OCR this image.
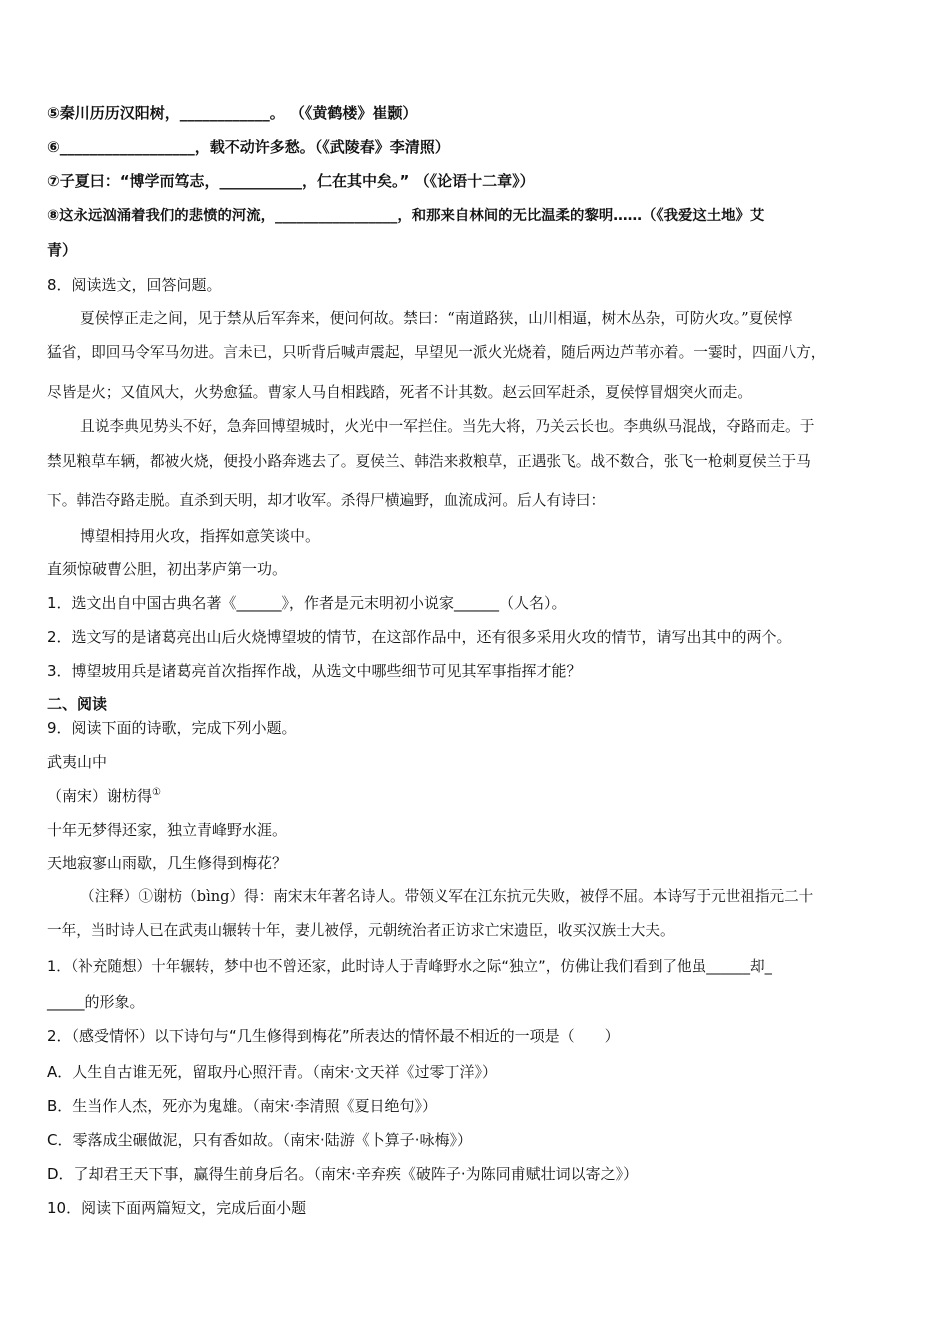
⑤秦川历历汉阳树，____________。 （《黄鹤楼》崔颢）
⑥__________________，载不动许多愁。（《武陵春》李清照）
⑦子夏曰：“博学而笃志，___________，仁在其中矣。” （《论语十二章》）
⑧这永远汹涌着我们的悲愤的河流，_________________，和那来自林间的无比温柔的黎明……（《我爱这土地》艾
青）
8．阅读选文，回答问题。
夏侯惇正走之间，见于禁从后军奔来，便问何故。禁曰：“南道路狭，山川相逼，树木丛杂，可防火攻。”夏侯惇
猛省，即回马令军马勿进。言未已，只听背后喊声震起，早望见一派火光烧着，随后两边芦苇亦着。一霎时，四面八方，
尽皆是火；又值风大，火势愈猛。曹家人马自相践踏，死者不计其数。赵云回军赶杀，夏侯惇冒烟突火而走。
且说李典见势头不好，急奔回博望城时，火光中一军拦住。当先大将，乃关云长也。李典纵马混战，夺路而走。于
禁见粮草车辆，都被火烧，便投小路奔逃去了。夏侯兰、韩浩来救粮草，正遇张飞。战不数合，张飞一枪刺夏侯兰于马
下。韩浩夺路走脱。直杀到天明，却才收军。杀得尸横遍野，血流成河。后人有诗曰：
博望相持用火攻，指挥如意笑谈中。
直须惊破曹公胆，初出茅庐第一功。
1．选文出自中国古典名著《______》，作者是元末明初小说家______（人名）。
2．选文写的是诸葛亮出山后火烧博望坡的情节，在这部作品中，还有很多采用火攻的情节，请写出其中的两个。
3．博望坡用兵是诸葛亮首次指挥作战，从选文中哪些细节可见其军事指挥才能？
二、阅读
9．阅读下面的诗歌，完成下列小题。
武夷山中
（南宋）谢枋得①
十年无梦得还家，独立青峰野水涯。
天地寂寥山雨歇，几生修得到梅花？
（注释）①谢枋（bìng）得：南宋末年著名诗人。带领义军在江东抗元失败，被俘不屈。本诗写于元世祖指元二十
一年，当时诗人已在武夷山辗转十年，妻儿被俘，元朝统治者正访求亡宋遗臣，收买汉族士大夫。
1．（补充随想）十年辗转，梦中也不曾还家，此时诗人于青峰野水之际“独立”，仿佛让我们看到了他虽______却_
_____的形象。
2．（感受情怀）以下诗句与“几生修得到梅花”所表达的情怀最不相近的一项是（　　）
A．人生自古谁无死，留取丹心照汗青。（南宋·文天祥《过零丁洋》）
B．生当作人杰，死亦为鬼雄。（南宋·李清照《夏日绝句》）
C．零落成尘碾做泥，只有香如故。（南宋·陆游《卜算子·咏梅》）
D．了却君王天下事，赢得生前身后名。（南宋·辛弃疾《破阵子·为陈同甫赋壮词以寄之》）
10．阅读下面两篇短文，完成后面小题
